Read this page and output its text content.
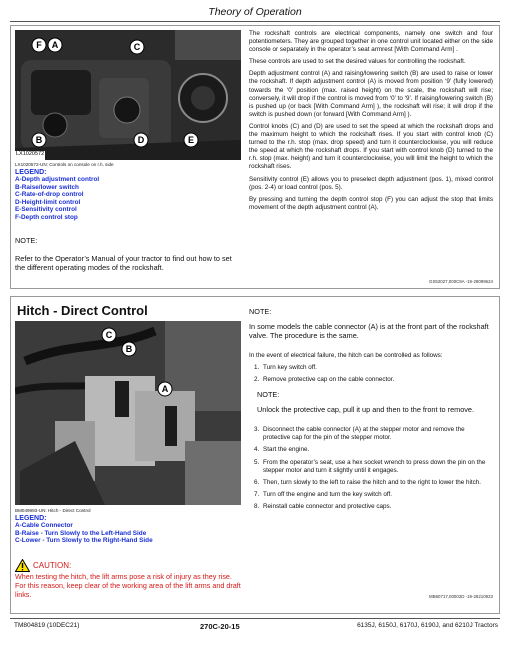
Theory of Operation
LX1020572
F A	C
B	D	E
LX1020572-UN: Controls on console on r.h. side
LEGEND:
A-Depth adjustment control
B-Raise/lower switch
C-Rate-of-drop control
D-Height-limit control
E-Sensitivity control
F-Depth control stop
NOTE:
Refer to the Operator’s Manual of your tractor to find out how to set the different operating modes of the rockshaft.

The rockshaft controls are electrical components, namely one switch and four potentiometers. They are grouped together in one control unit located either on the side console or separately in the operator’s seat armrest [With Command Arm] .

These controls are used to set the desired values for controlling the rockshaft.

Depth adjustment control (A) and raising/lowering switch (B) are used to raise or lower the rockshaft. If depth adjustment control (A) is moved from position ‘9’ (fully lowered) towards the ‘0’ position (max. raised height) on the scale, the rockshaft will rise; conversely, it will drop if the control is moved from ‘0’ to ‘9’. If raising/lowering switch (B) is pushed up (or back [With Command Arm] ), the rockshaft will rise; it will drop if the switch is pushed down (or forward [With Command Arm] ).

Control knobs (C) and (D) are used to set the speed at which the rockshaft drops and the maximum height to which the rockshaft rises. If you start with control knob (C) turned to the r.h. stop (max. drop speed) and turn it counterclockwise, you will reduce the speed at which the rockshaft drops. If you start with control knob (D) turned to the r.h. stop (max. height) and turn it counterclockwise, you will limit the height to which the rockshaft rises.

Sensitivity control (E) allows you to preselect depth adjustment (pos. 1), mixed control (pos. 2-4) or load control (pos. 5).

By pressing and turning the depth control stop (F) you can adjust the stop that limits movement of the depth adjustment control (A).

GS52027,000C9A -19-28099624
Hitch - Direct Control
C
B
A
BM049993-UN: Hitch - Direct Control
LEGEND:
A-Cable Connector
B-Raise - Turn Slowly to the Left-Hand Side
C-Lower - Turn Slowly to the Right-Hand Side
CAUTION:
When testing the hitch, the lift arms pose a risk of injury as they rise. For this reason, keep clear of the working area of the lift arms and draft links.
NOTE:
In some models the cable connector (A) is at the front part of the rockshaft valve. The procedure is the same.

In the event of electrical failure, the hitch can be controlled as follows:

1. Turn key switch off.
2. Remove protective cap on the cable connector.
NOTE:
Unlock the protective cap, pull it up and then to the front to remove.
3. Disconnect the cable connector (A) at the stepper motor and remove the protective cap for the pin of the stepper motor.
4. Start the engine.
5. From the operator’s seat, use a hex socket wrench to press down the pin on the stepper motor and turn it slightly until it engages.
6. Then, turn slowly to the left to raise the hitch and to the right to lower the hitch.
7. Turn off the engine and turn the key switch off.
8. Reinstall cable connector and protective caps.
MB60717,00002D -19-28210923
TM804819 (10DEC21)	270C-20-15	6135J, 6150J, 6170J, 6190J, and 6210J Tractors
